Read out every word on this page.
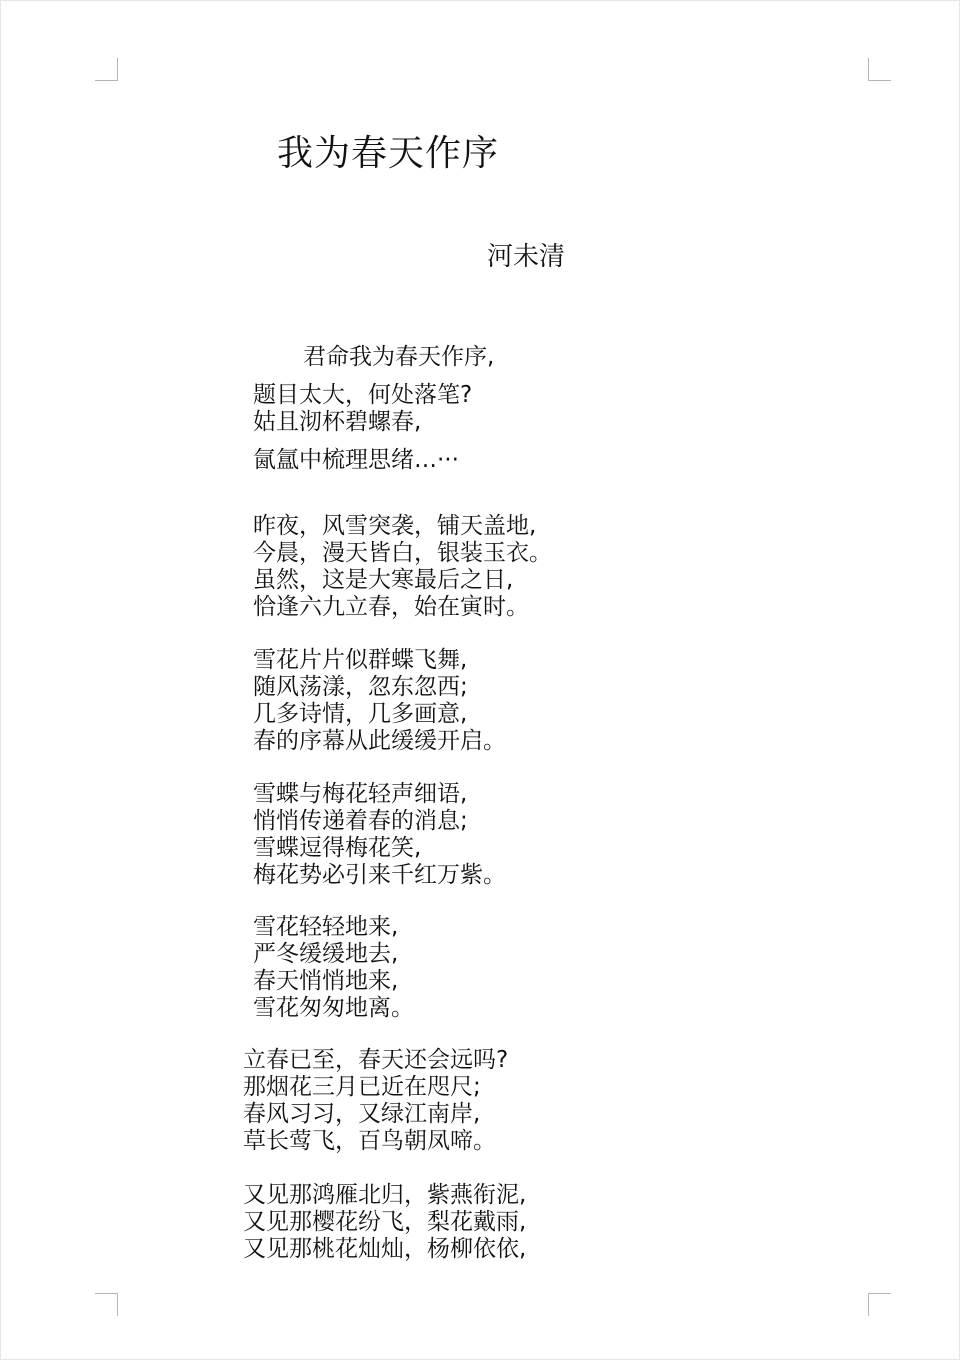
我为春天作序

河未清

君命我为春天作序,

题目太大，何处落笔?

姑且沏杯碧螺春,

氤氲中梳理思绪…···

昨夜，风雪突袭，铺天盖地,

今晨，漫天皆白，银装玉衣。

虽然，这是大寒最后之日,

恰逢六九立春，始在寅时。

雪花片片似群蝶飞舞,

随风荡漾，忽东忽西;

几多诗情，几多画意,

春的序幕从此缓缓开启。

雪蝶与梅花轻声细语,

悄悄传递着春的消息;

雪蝶逗得梅花笑,

梅花势必引来千红万紫。

雪花轻轻地来,

严冬缓缓地去,

春天悄悄地来,

雪花匆匆地离。

立春已至，春天还会远吗?

那烟花三月已近在咫尺;

春风习习，又绿江南岸,

草长莺飞，百鸟朝凤啼。

又见那鸿雁北归，紫燕衔泥,

又见那樱花纷飞，梨花戴雨,

又见那桃花灿灿，杨柳依依,
